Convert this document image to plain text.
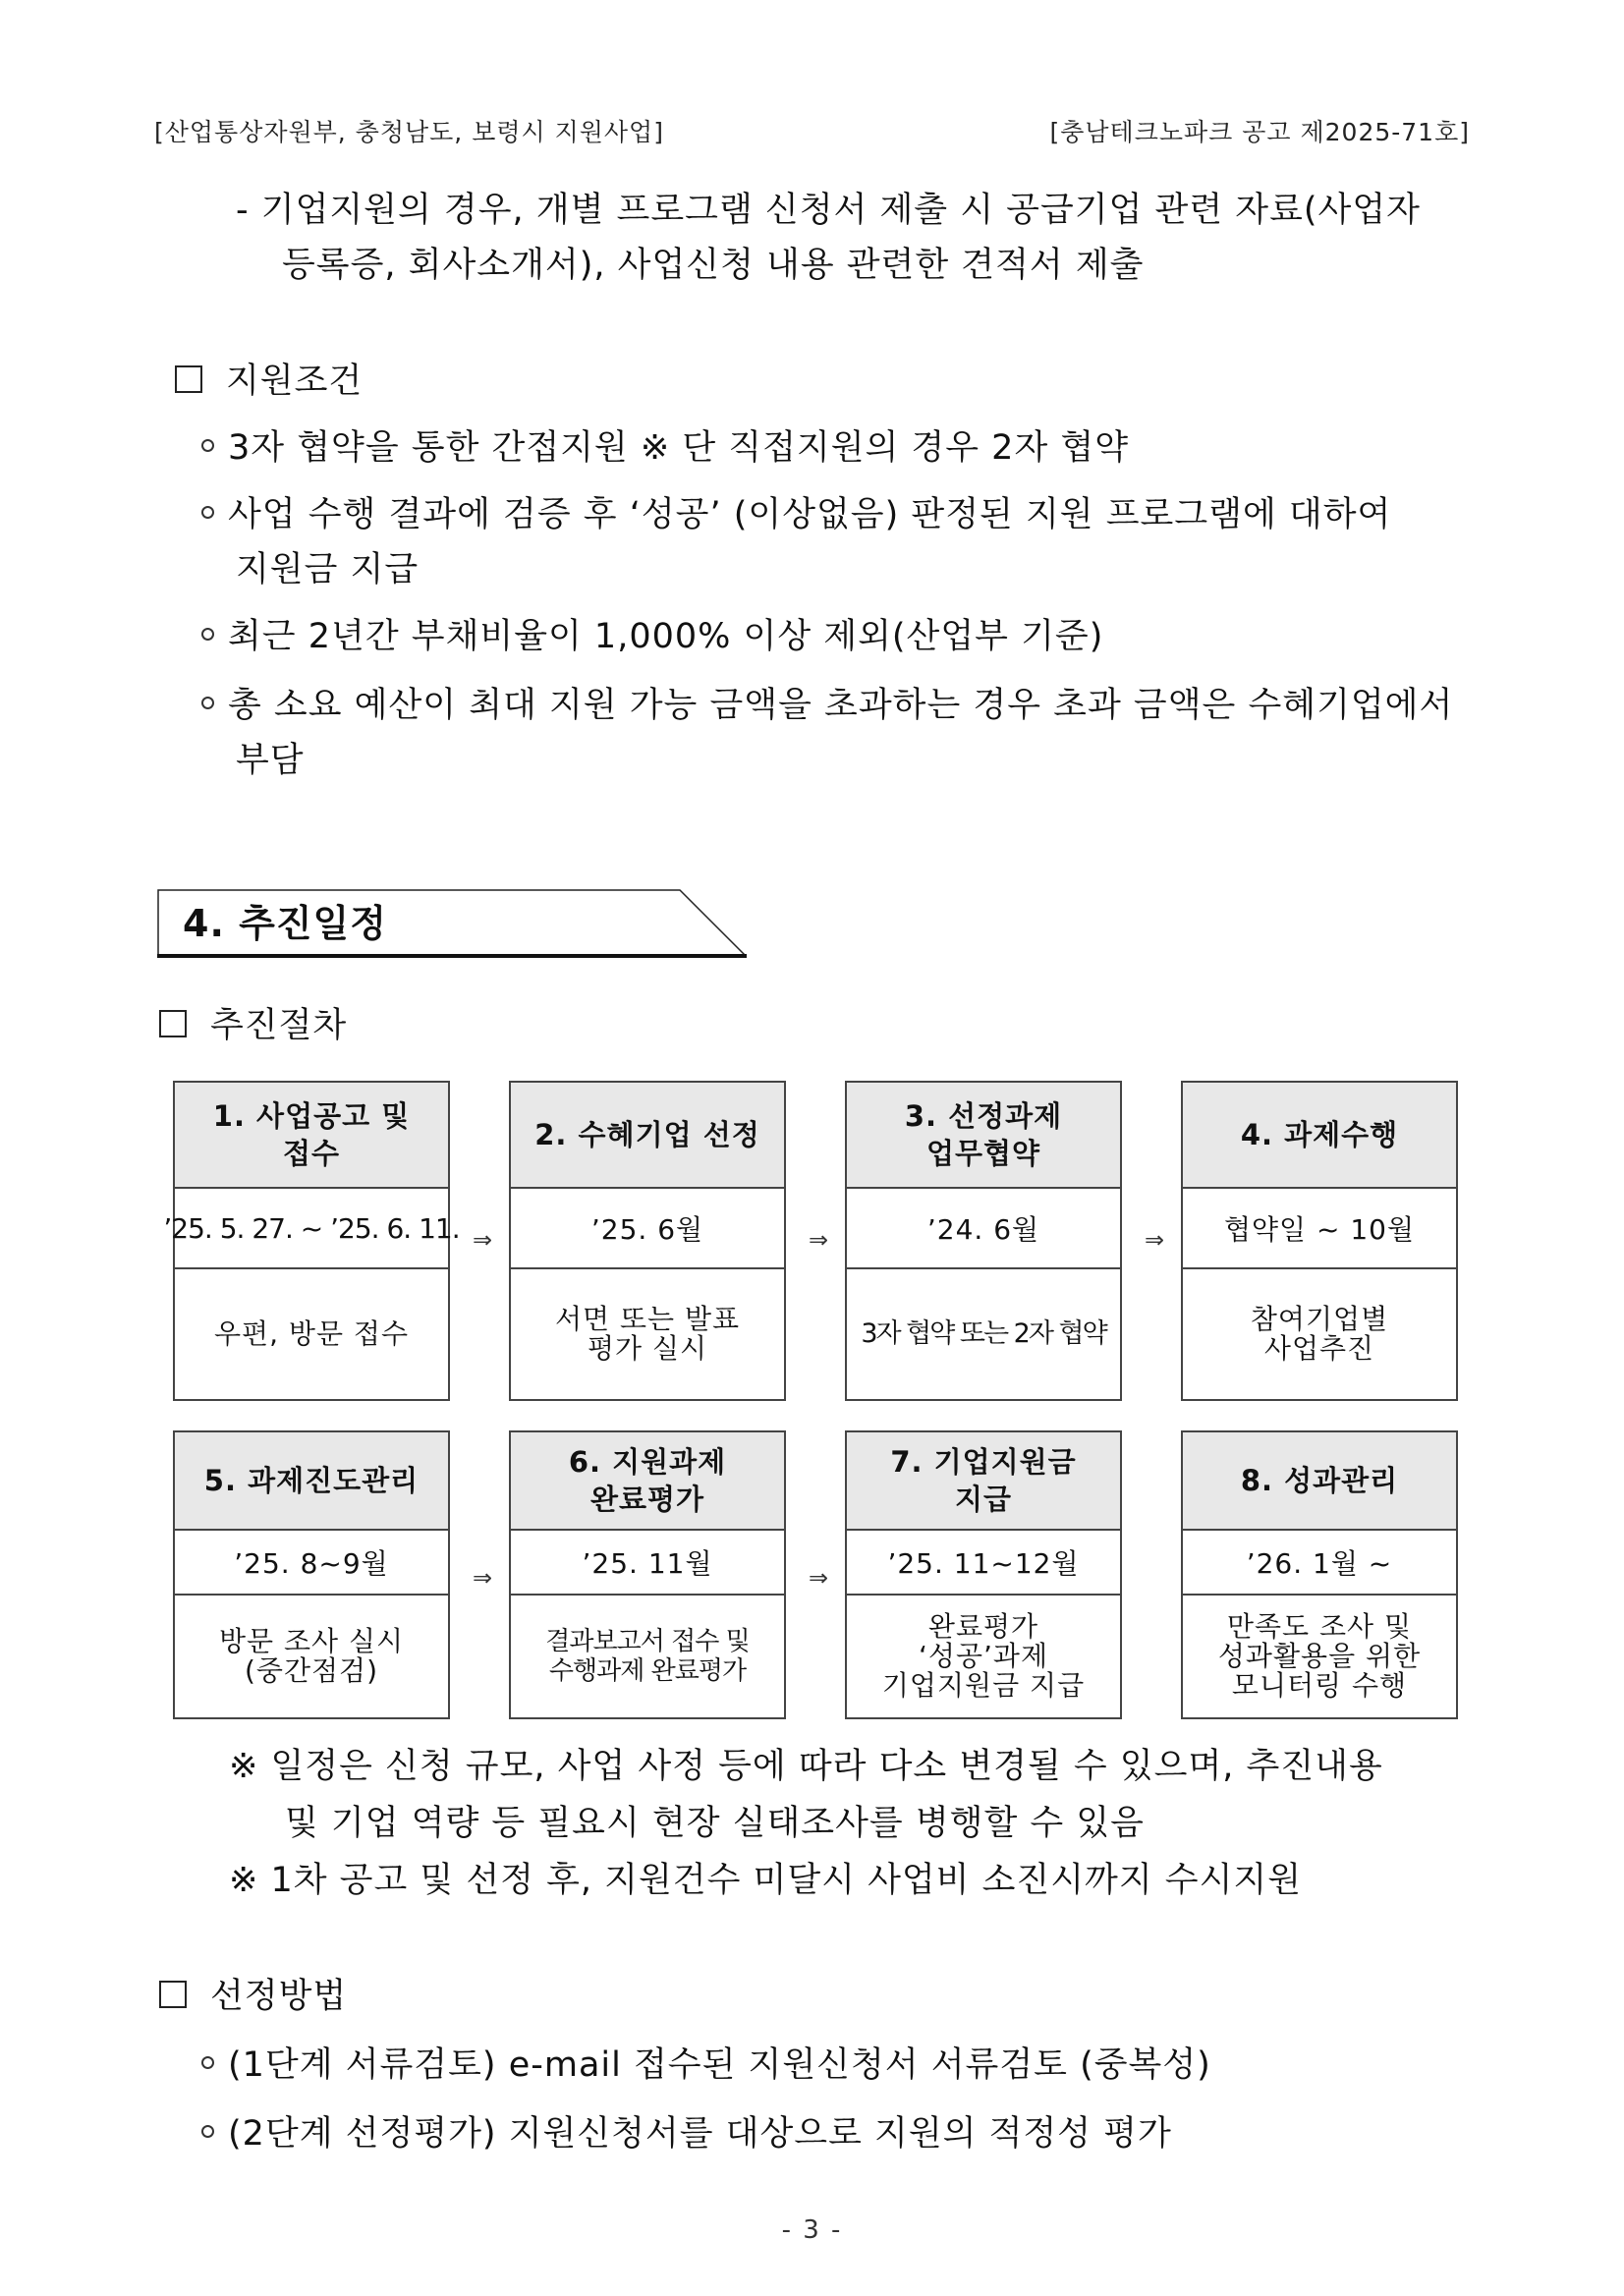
[산업통상자원부, 충청남도, 보령시 지원사업]	[충남테크노파크 공고 제2025-71호]
- 기업지원의 경우, 개별 프로그램 신청서 제출 시 공급기업 관련 자료(사업자
등록증, 회사소개서), 사업신청 내용 관련한 견적서 제출
지원조건
3자 협약을 통한 간접지원 ※ 단 직접지원의 경우 2자 협약
사업 수행 결과에 검증 후 ‘성공’ (이상없음) 판정된 지원 프로그램에 대하여
지원금 지급
최근 2년간 부채비율이 1,000% 이상 제외(산업부 기준)
총 소요 예산이 최대 지원 가능 금액을 초과하는 경우 초과 금액은 수혜기업에서
부담
4. 추진일정
추진절차
1. 사업공고 및
접수
’25. 5. 27. ~ ’25. 6. 11.
우편, 방문 접수
⇒
2. 수혜기업 선정
’25. 6월
서면 또는 발표
평가 실시
⇒
3. 선정과제
업무협약
’24. 6월
3자 협약 또는 2자 협약
⇒
4. 과제수행
협약일 ~ 10월
참여기업별
사업추진
5. 과제진도관리
’25. 8~9월
방문 조사 실시
(중간점검)
⇒
6. 지원과제
완료평가
’25. 11월
결과보고서 접수 및
수행과제 완료평가
⇒
7. 기업지원금
지급
’25. 11~12월
완료평가
‘성공’과제
기업지원금 지급
8. 성과관리
’26. 1월 ~
만족도 조사 및
성과활용을 위한
모니터링 수행
※ 일정은 신청 규모, 사업 사정 등에 따라 다소 변경될 수 있으며, 추진내용
및 기업 역량 등 필요시 현장 실태조사를 병행할 수 있음
※ 1차 공고 및 선정 후, 지원건수 미달시 사업비 소진시까지 수시지원
선정방법
(1단계 서류검토) e-mail 접수된 지원신청서 서류검토 (중복성)
(2단계 선정평가) 지원신청서를 대상으로 지원의 적정성 평가
- 3 -
